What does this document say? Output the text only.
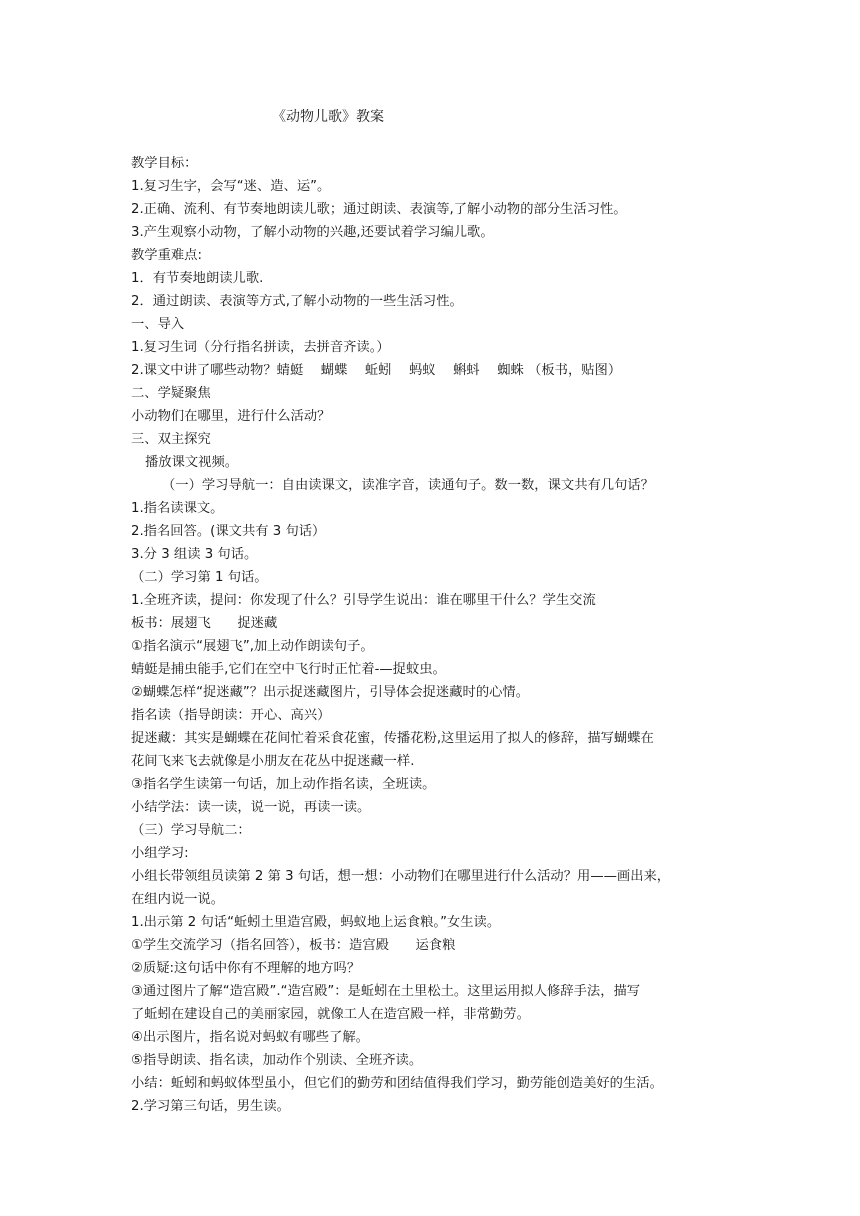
《动物儿歌》教案
教学目标：
1.复习生字，会写“迷、造、运”。
2.正确、流利、有节奏地朗读儿歌；通过朗读、表演等,了解小动物的部分生活习性。
3.产生观察小动物，了解小动物的兴趣,还要试着学习编儿歌。
教学重难点:
1．有节奏地朗读儿歌.
2．通过朗读、表演等方式,了解小动物的一些生活习性。
一、导入
1.复习生词（分行指名拼读，去拼音齐读。）
2.课文中讲了哪些动物？蜻蜓　 蝴蝶　 蚯蚓　 蚂蚁　 蝌蚪　 蜘蛛 （板书，贴图）
二、学疑聚焦
小动物们在哪里，进行什么活动？
三、双主探究
播放课文视频。
（一）学习导航一：自由读课文，读准字音，读通句子。数一数，课文共有几句话？
1.指名读课文。
2.指名回答。(课文共有 3 句话）
3.分 3 组读 3 句话。
（二）学习第 1 句话。
1.全班齐读，提问：你发现了什么？引导学生说出：谁在哪里干什么？学生交流
板书：展翅飞　　捉迷藏
①指名演示“展翅飞”,加上动作朗读句子。
蜻蜓是捕虫能手,它们在空中飞行时正忙着-—捉蚊虫。
②蝴蝶怎样“捉迷藏”？出示捉迷藏图片，引导体会捉迷藏时的心情。
指名读（指导朗读：开心、高兴）
捉迷藏：其实是蝴蝶在花间忙着采食花蜜，传播花粉,这里运用了拟人的修辞，描写蝴蝶在
花间飞来飞去就像是小朋友在花丛中捉迷藏一样.
③指名学生读第一句话，加上动作指名读，全班读。
小结学法：读一读，说一说，再读一读。
（三）学习导航二：
小组学习:
小组长带领组员读第 2 第 3 句话，想一想：小动物们在哪里进行什么活动？用——画出来，
在组内说一说。
1.出示第 2 句话“蚯蚓土里造宫殿，蚂蚁地上运食粮。”女生读。
①学生交流学习（指名回答），板书：造宫殿　　运食粮
②质疑:这句话中你有不理解的地方吗？
③通过图片了解“造宫殿”.“造宫殿”：是蚯蚓在土里松土。这里运用拟人修辞手法，描写
了蚯蚓在建设自己的美丽家园，就像工人在造宫殿一样，非常勤劳。
④出示图片，指名说对蚂蚁有哪些了解。
⑤指导朗读、指名读，加动作个别读、全班齐读。
小结：蚯蚓和蚂蚁体型虽小，但它们的勤劳和团结值得我们学习，勤劳能创造美好的生活。
2.学习第三句话，男生读。
